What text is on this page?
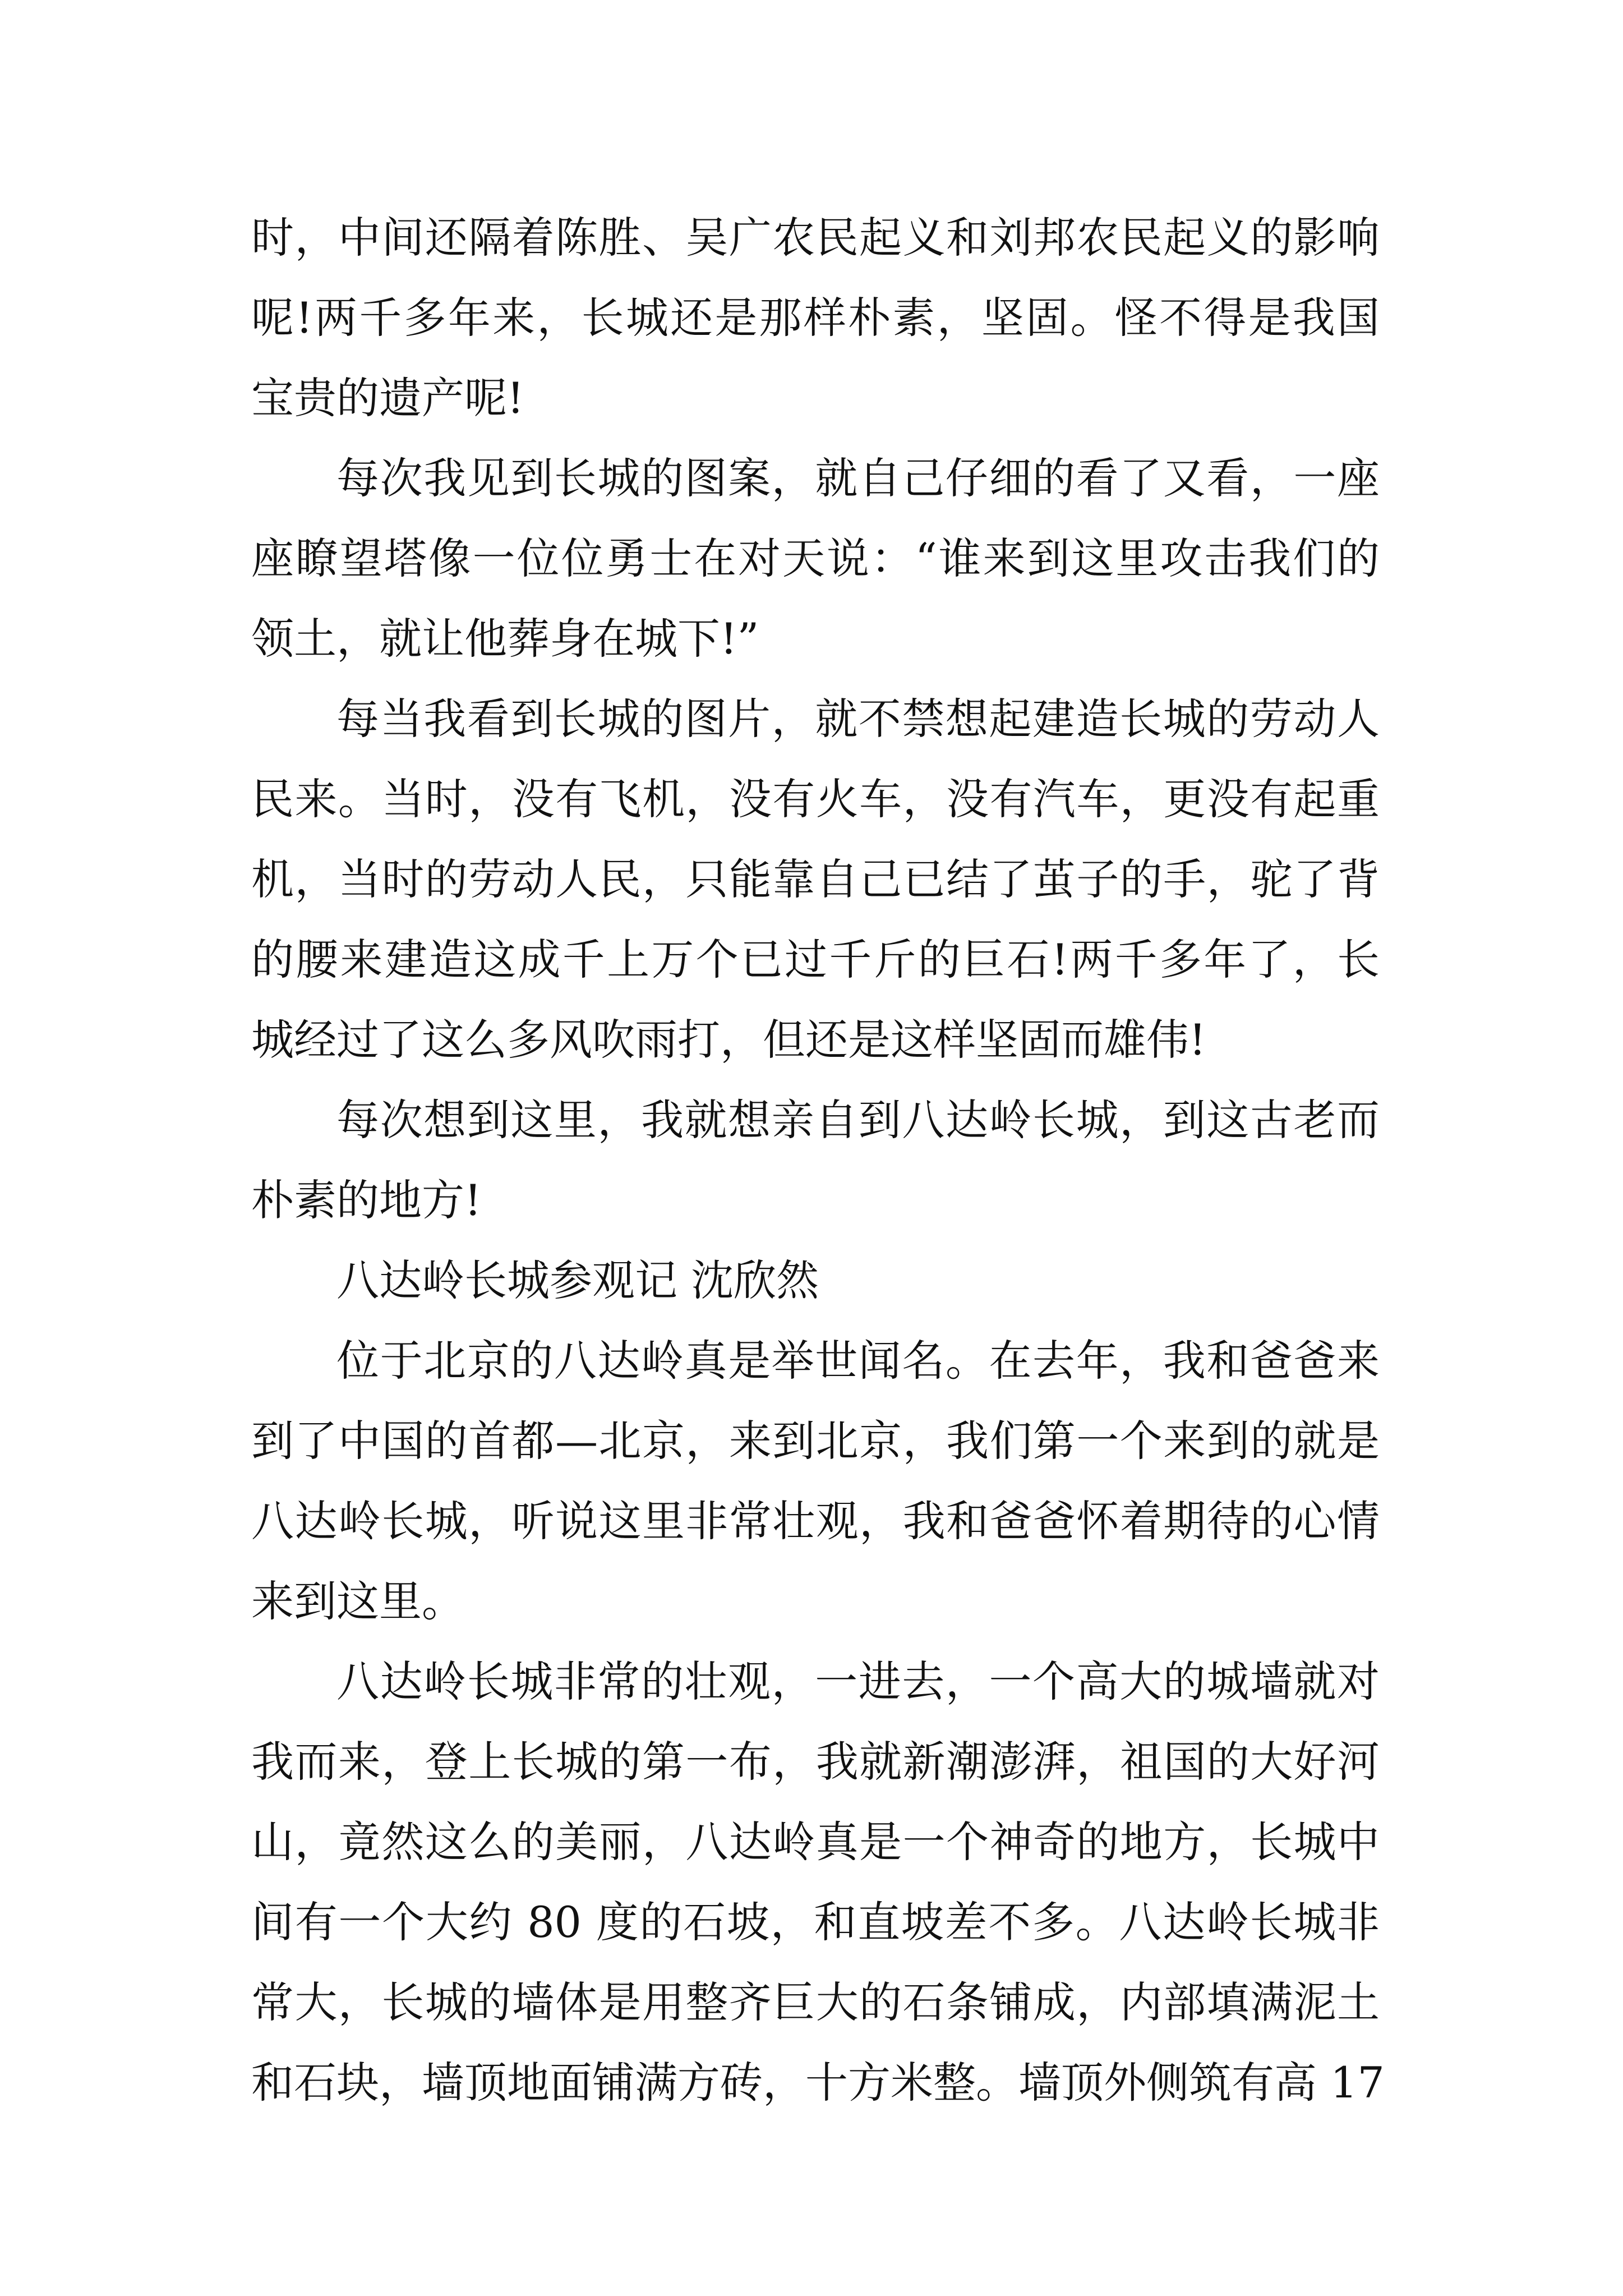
时，中间还隔着陈胜、吴广农民起义和刘邦农民起义的影响
呢!两千多年来，长城还是那样朴素，坚固。怪不得是我国
宝贵的遗产呢!
每次我见到长城的图案，就自己仔细的看了又看，一座
座瞭望塔像一位位勇士在对天说：“谁来到这里攻击我们的
领土，就让他葬身在城下!”
每当我看到长城的图片，就不禁想起建造长城的劳动人
民来。当时，没有飞机，没有火车，没有汽车，更没有起重
机，当时的劳动人民，只能靠自己已结了茧子的手，驼了背
的腰来建造这成千上万个已过千斤的巨石!两千多年了，长
城经过了这么多风吹雨打，但还是这样坚固而雄伟!
每次想到这里，我就想亲自到八达岭长城，到这古老而
朴素的地方!
八达岭长城参观记 沈欣然
位于北京的八达岭真是举世闻名。在去年，我和爸爸来
到了中国的首都—北京，来到北京，我们第一个来到的就是
八达岭长城，听说这里非常壮观，我和爸爸怀着期待的心情
来到这里。
八达岭长城非常的壮观，一进去，一个高大的城墙就对
我而来，登上长城的第一布，我就新潮澎湃，祖国的大好河
山，竟然这么的美丽，八达岭真是一个神奇的地方，长城中
间有一个大约 80 度的石坡，和直坡差不多。八达岭长城非
常大，长城的墙体是用整齐巨大的石条铺成，内部填满泥土
和石块，墙顶地面铺满方砖，十方米整。墙顶外侧筑有高 17
